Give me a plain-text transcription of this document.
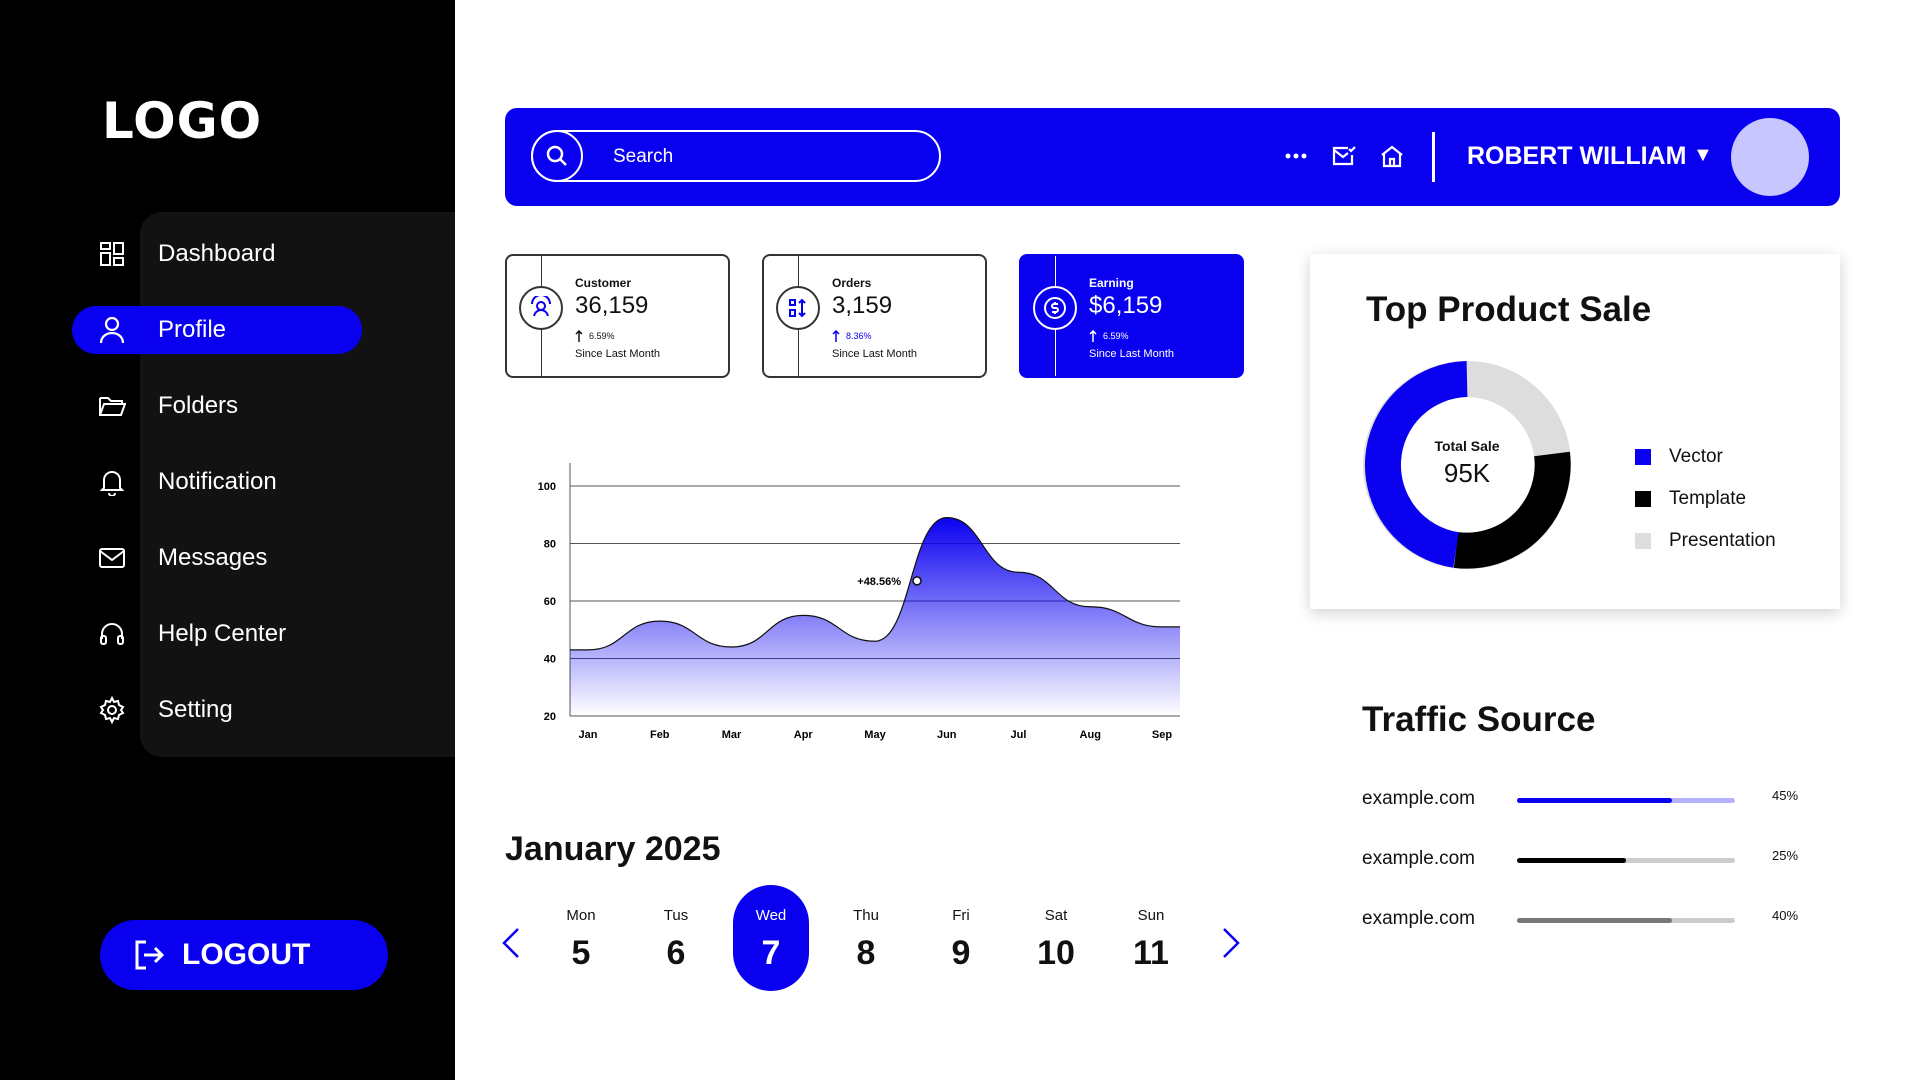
LOGO
Dashboard
Profile
Folders
Notification
Messages
Help Center
Setting
LOGOUT
Search
ROBERT WILLIAM ▼
Customer
36,159
6.59%
Since Last Month
Orders
3,159
8.36%
Since Last Month
Earning
$6,159
6.59%
Since Last Month
20
40
60
80
100
Jan	Feb	Mar	Apr	May	Jun	Jul	Aug	Sep
+48.56%
January 2025
Mon
5
Tus
6
Wed
7
Thu
8
Fri
9
Sat
10
Sun
11
Top Product Sale
Total Sale
95K
Vector
Template
Presentation
Traffic Source
example.com	45%
example.com	25%
example.com	40%
